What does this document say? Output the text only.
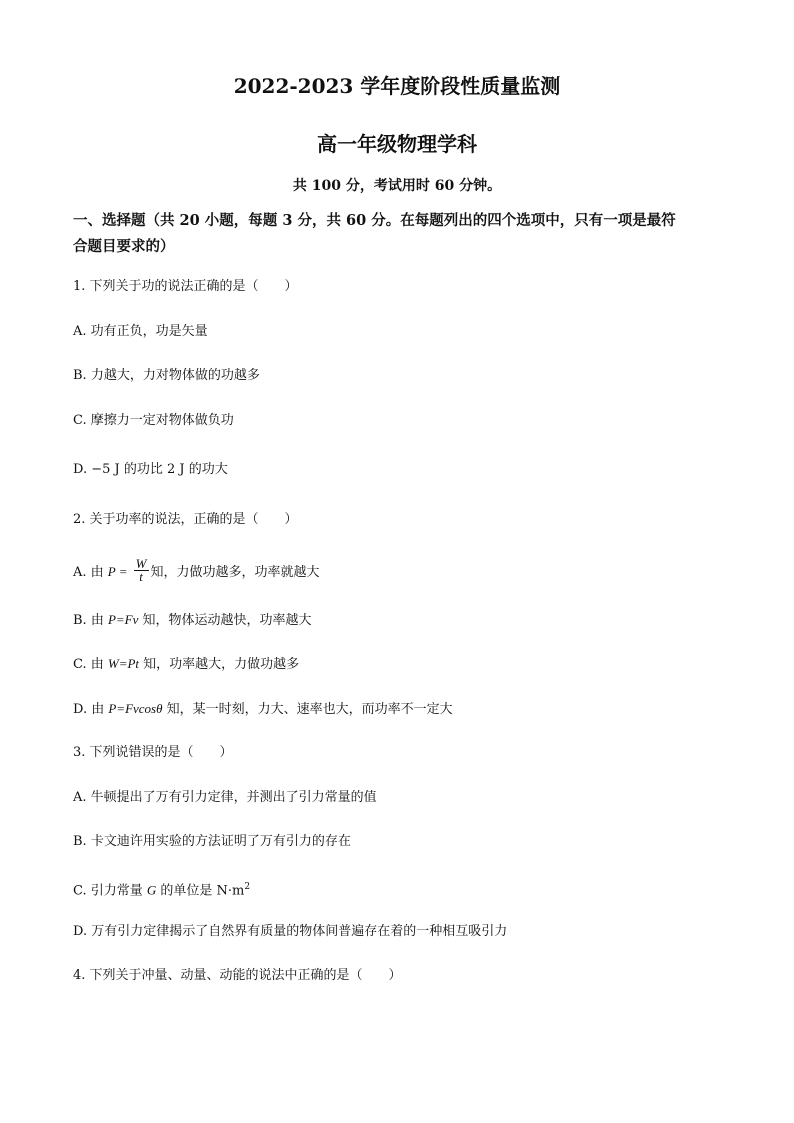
2022-2023 学年度阶段性质量监测
高一年级物理学科
共 100 分，考试用时 60 分钟。
一、选择题（共 20 小题，每题 3 分，共 60 分。在每题列出的四个选项中，只有一项是最符
合题目要求的）
1. 下列关于功的说法正确的是（　　）
A. 功有正负，功是矢量
B. 力越大，力对物体做的功越多
C. 摩擦力一定对物体做负功
D. −5 J 的功比 2 J 的功大
2. 关于功率的说法，正确的是（　　）
A. 由 $P = \frac{W}{t}$ 知，力做功越多，功率就越大
B. 由 P=Fv 知，物体运动越快，功率越大
C. 由 W=Pt 知，功率越大，力做功越多
D. 由 P=Fvcosθ 知，某一时刻，力大、速率也大，而功率不一定大
3. 下列说错误的是（　　）
A. 牛顿提出了万有引力定律，并测出了引力常量的值
B. 卡文迪许用实验的方法证明了万有引力的存在
C. 引力常量 G 的单位是 $N\cdot m^2$
D. 万有引力定律揭示了自然界有质量的物体间普遍存在着的一种相互吸引力
4. 下列关于冲量、动量、动能的说法中正确的是（　　）
